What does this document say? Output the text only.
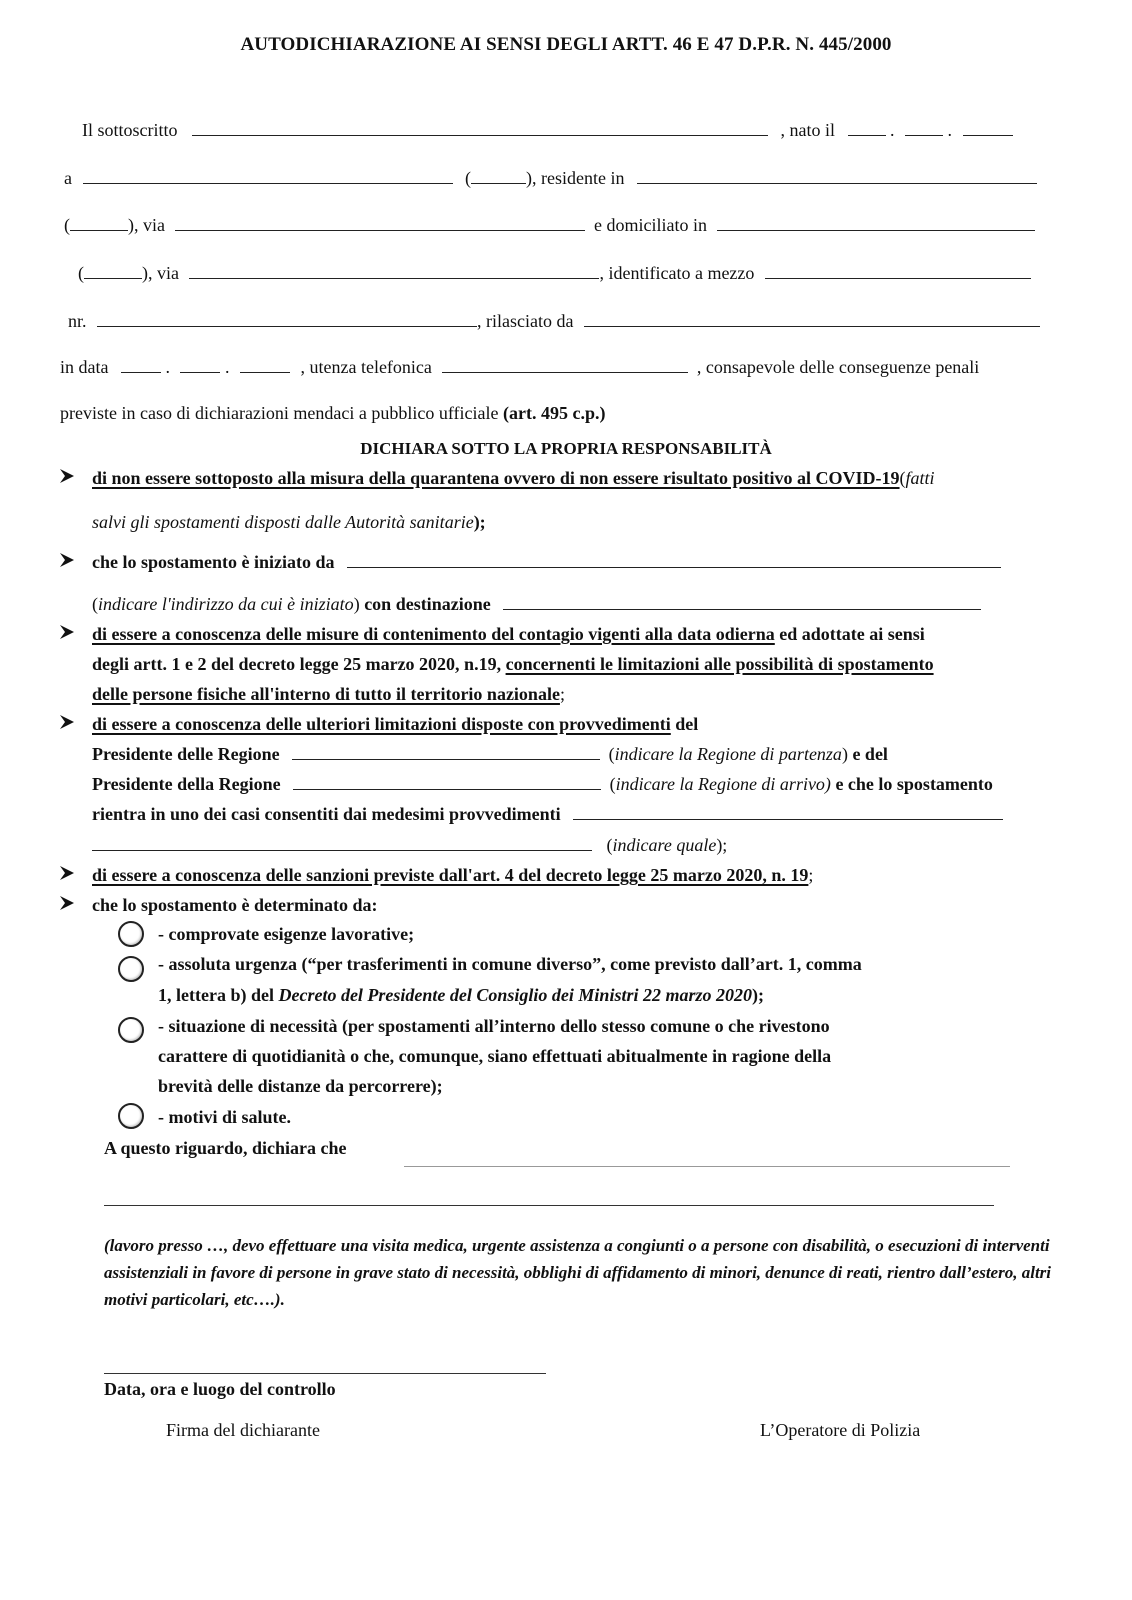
AUTODICHIARAZIONE AI SENSI DEGLI ARTT. 46 E 47 D.P.R. N. 445/2000
Il sottoscritto	, nato il	.	.
a	(	), residente in
(	), via	e domiciliato in
(	), via	, identificato a mezzo
nr.	, rilasciato da
in data	.	.	, utenza telefonica	, consapevole delle conseguenze penali
previste in caso di dichiarazioni mendaci a pubblico ufficiale (art. 495 c.p.)
DICHIARA SOTTO LA PROPRIA RESPONSABILITÀ
di non essere sottoposto alla misura della quarantena ovvero di non essere risultato positivo al COVID-19(fatti
salvi gli spostamenti disposti dalle Autorità sanitarie);
che lo spostamento è iniziato da
(indicare l'indirizzo da cui è iniziato) con destinazione
di essere a conoscenza delle misure di contenimento del contagio vigenti alla data odierna ed adottate ai sensi
degli artt. 1 e 2 del decreto legge 25 marzo 2020, n.19, concernenti le limitazioni alle possibilità di spostamento
delle persone fisiche all'interno di tutto il territorio nazionale;
di essere a conoscenza delle ulteriori limitazioni disposte con provvedimenti del
Presidente delle Regione	(indicare la Regione di partenza) e del
Presidente della Regione	(indicare la Regione di arrivo) e che lo spostamento
rientra in uno dei casi consentiti dai medesimi provvedimenti
(indicare quale);
di essere a conoscenza delle sanzioni previste dall'art. 4 del decreto legge 25 marzo 2020, n. 19;
che lo spostamento è determinato da:
- comprovate esigenze lavorative;
- assoluta urgenza (“per trasferimenti in comune diverso”, come previsto dall’art. 1, comma
1, lettera b) del Decreto del Presidente del Consiglio dei Ministri 22 marzo 2020);
- situazione di necessità (per spostamenti all’interno dello stesso comune o che rivestono
carattere di quotidianità o che, comunque, siano effettuati abitualmente in ragione della
brevità delle distanze da percorrere);
- motivi di salute.
A questo riguardo, dichiara che
(lavoro presso …, devo effettuare una visita medica, urgente assistenza a congiunti o a persone con disabilità, o esecuzioni di interventi assistenziali in favore di persone in grave stato di necessità, obblighi di affidamento di minori, denunce di reati, rientro dall’estero, altri motivi particolari, etc….).
Data, ora e luogo del controllo
Firma del dichiarante	L’Operatore di Polizia
